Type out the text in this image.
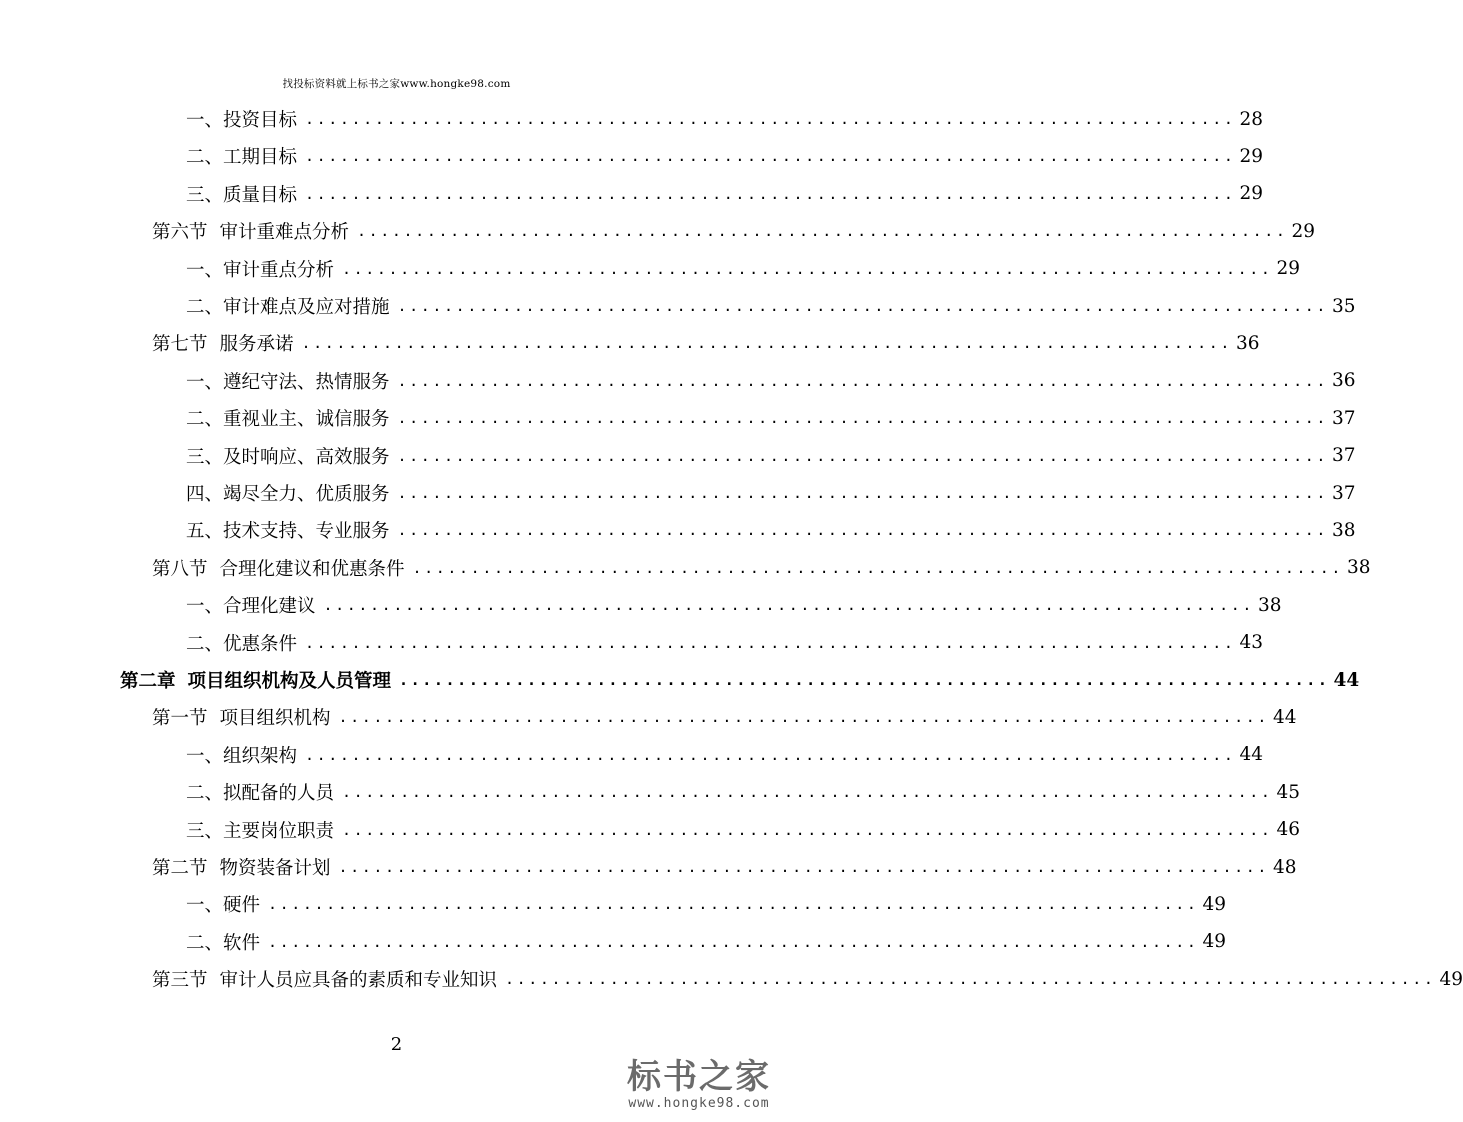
找投标资料就上标书之家www.hongke98.com
一、投资目标 ................................................................................ 28
二、工期目标 ................................................................................ 29
三、质量目标 ................................................................................ 29
第六节 审计重难点分析 ................................................................................ 29
一、审计重点分析 ................................................................................ 29
二、审计难点及应对措施 ................................................................................ 35
第七节 服务承诺 ................................................................................ 36
一、遵纪守法、热情服务 ................................................................................ 36
二、重视业主、诚信服务 ................................................................................ 37
三、及时响应、高效服务 ................................................................................ 37
四、竭尽全力、优质服务 ................................................................................ 37
五、技术支持、专业服务 ................................................................................ 38
第八节 合理化建议和优惠条件 ................................................................................ 38
一、合理化建议 ................................................................................ 38
二、优惠条件 ................................................................................ 43
第二章 项目组织机构及人员管理 ................................................................................ 44
第一节 项目组织机构 ................................................................................ 44
一、组织架构 ................................................................................ 44
二、拟配备的人员 ................................................................................ 45
三、主要岗位职责 ................................................................................ 46
第二节 物资装备计划 ................................................................................ 48
一、硬件 ................................................................................ 49
二、软件 ................................................................................ 49
第三节 审计人员应具备的素质和专业知识 ................................................................................ 49
2
标书之家
www.hongke98.com
